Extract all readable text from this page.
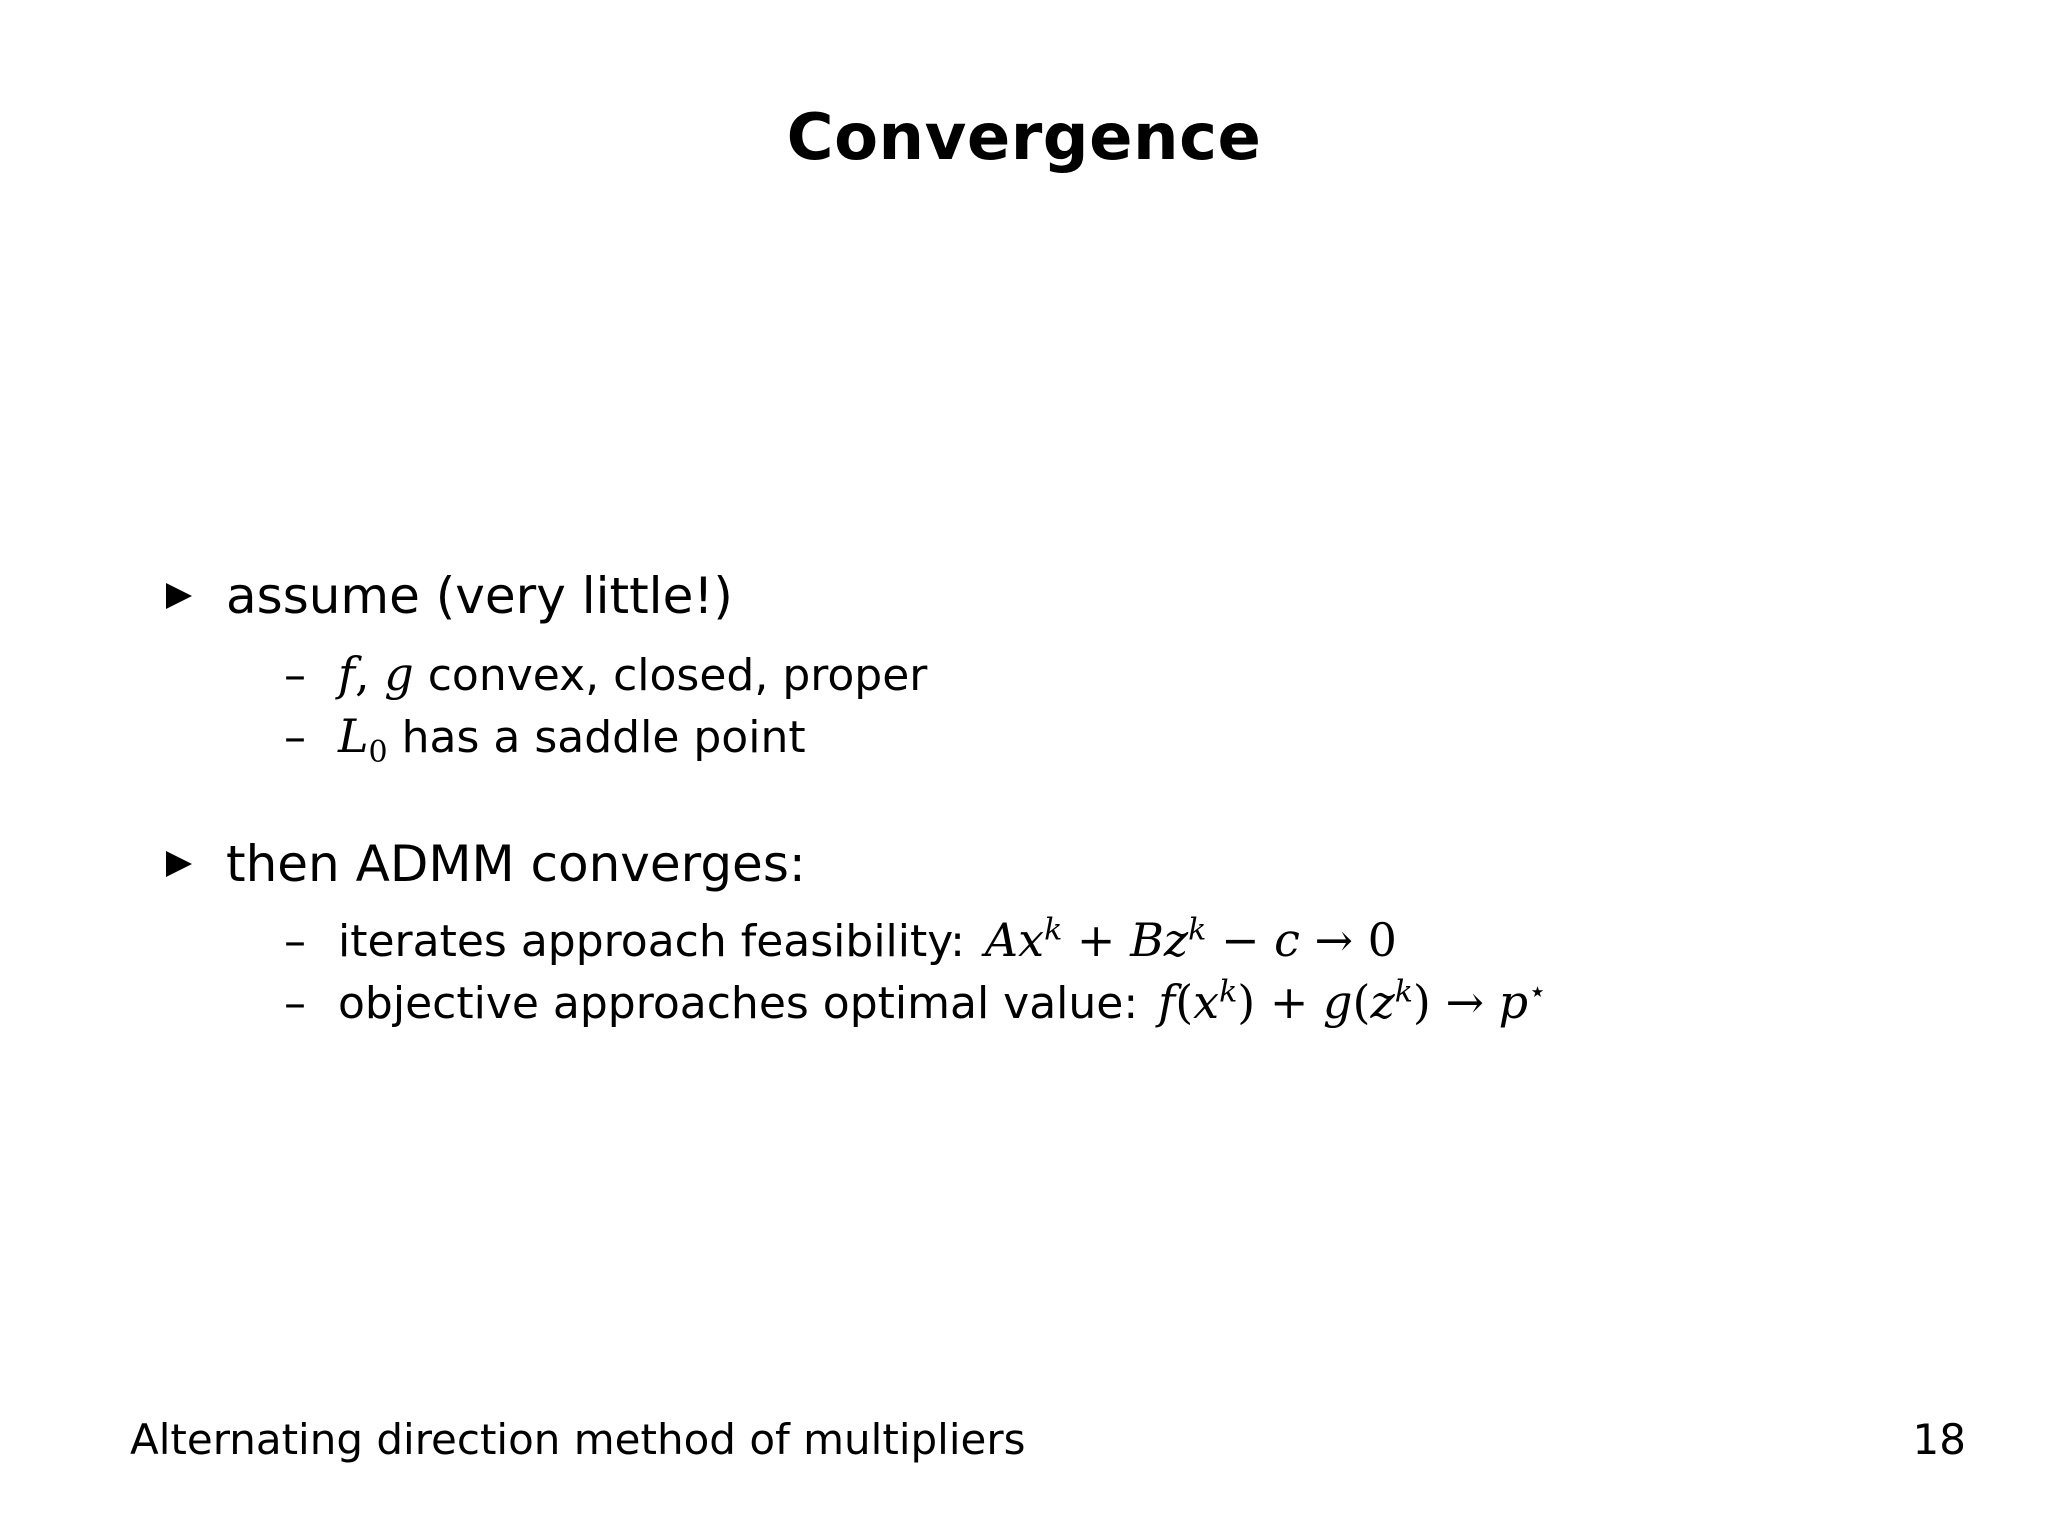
Convergence
assume (very little!)
– f, g convex, closed, proper
– $L_0$ has a saddle point
then ADMM converges:
– iterates approach feasibility: $Ax^k + Bz^k - c \to 0$
– objective approaches optimal value: $f(x^k) + g(z^k) \to p^⋆$
Alternating direction method of multipliers	18
